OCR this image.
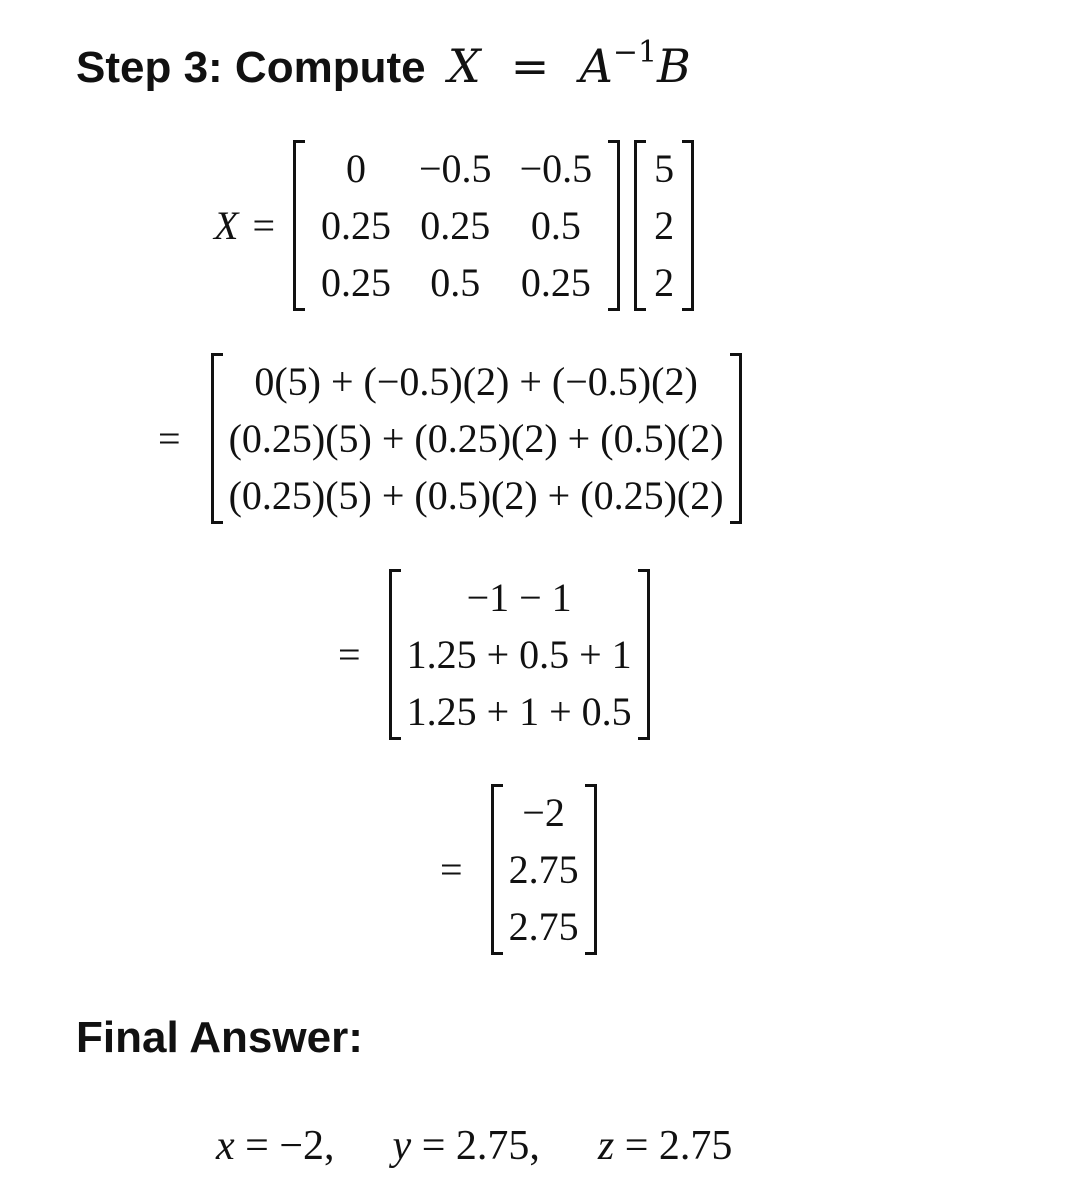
Step 3: Compute $X = A^{-1}B$
X =
0	−0.5	−0.5
0.25	0.25	0.5
0.25	0.5	0.25
5
2
2
=
0(5) + (−0.5)(2) + (−0.5)(2)
(0.25)(5) + (0.25)(2) + (0.5)(2)
(0.25)(5) + (0.5)(2) + (0.25)(2)
=
−1 − 1
1.25 + 0.5 + 1
1.25 + 1 + 0.5
=
−2
2.75
2.75
Final Answer:
x = −2, y = 2.75, z = 2.75
